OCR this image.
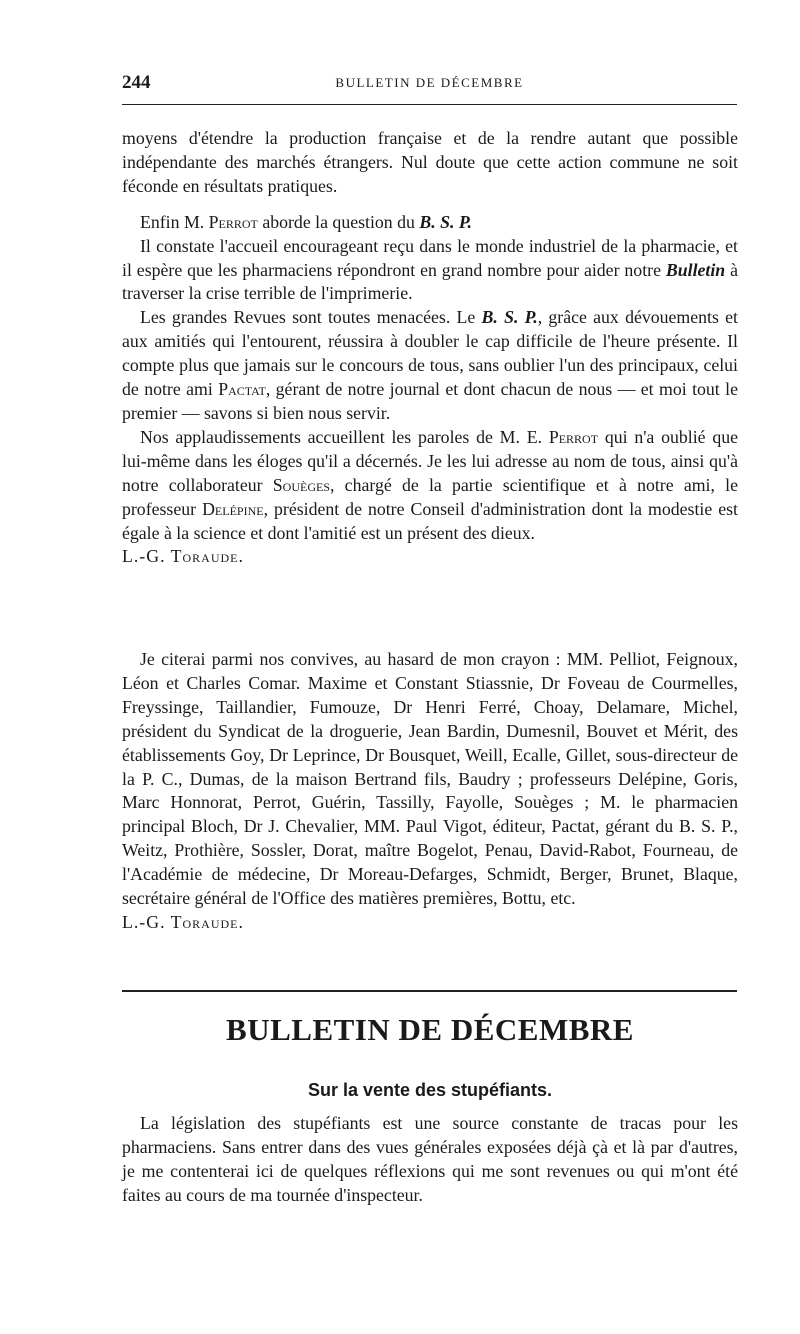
244	BULLETIN DE DÉCEMBRE

moyens d'étendre la production française et de la rendre autant que possible indépendante des marchés étrangers. Nul doute que cette action commune ne soit féconde en résultats pratiques.

Enfin M. Perrot aborde la question du B. S. P.

Il constate l'accueil encourageant reçu dans le monde industriel de la pharmacie, et il espère que les pharmaciens répondront en grand nombre pour aider notre Bulletin à traverser la crise terrible de l'imprimerie.

Les grandes Revues sont toutes menacées. Le B. S. P., grâce aux dévouements et aux amitiés qui l'entourent, réussira à doubler le cap difficile de l'heure présente. Il compte plus que jamais sur le concours de tous, sans oublier l'un des principaux, celui de notre ami Pactat, gérant de notre journal et dont chacun de nous — et moi tout le premier — savons si bien nous servir.

Nos applaudissements accueillent les paroles de M. E. Perrot qui n'a oublié que lui-même dans les éloges qu'il a décernés. Je les lui adresse au nom de tous, ainsi qu'à notre collaborateur Souèges, chargé de la partie scientifique et à notre ami, le professeur Delépine, président de notre Conseil d'administration dont la modestie est égale à la science et dont l'amitié est un présent des dieux.

L.-G. Toraude.

Je citerai parmi nos convives, au hasard de mon crayon : MM. Pelliot, Feignoux, Léon et Charles Comar. Maxime et Constant Stiassnie, Dr Foveau de Courmelles, Freyssinge, Taillandier, Fumouze, Dr Henri Ferré, Choay, Delamare, Michel, président du Syndicat de la droguerie, Jean Bardin, Dumesnil, Bouvet et Mérit, des établissements Goy, Dr Leprince, Dr Bousquet, Weill, Ecalle, Gillet, sous-directeur de la P. C., Dumas, de la maison Bertrand fils, Baudry ; professeurs Delépine, Goris, Marc Honnorat, Perrot, Guérin, Tassilly, Fayolle, Souèges ; M. le pharmacien principal Bloch, Dr J. Chevalier, MM. Paul Vigot, éditeur, Pactat, gérant du B. S. P., Weitz, Prothière, Sossler, Dorat, maître Bogelot, Penau, David-Rabot, Fourneau, de l'Académie de médecine, Dr Moreau-Defarges, Schmidt, Berger, Brunet, Blaque, secrétaire général de l'Office des matières premières, Bottu, etc.

L.-G. Toraude.

BULLETIN DE DÉCEMBRE
Sur la vente des stupéfiants.

La législation des stupéfiants est une source constante de tracas pour les pharmaciens. Sans entrer dans des vues générales exposées déjà çà et là par d'autres, je me contenterai ici de quelques réflexions qui me sont revenues ou qui m'ont été faites au cours de ma tournée d'inspecteur.
